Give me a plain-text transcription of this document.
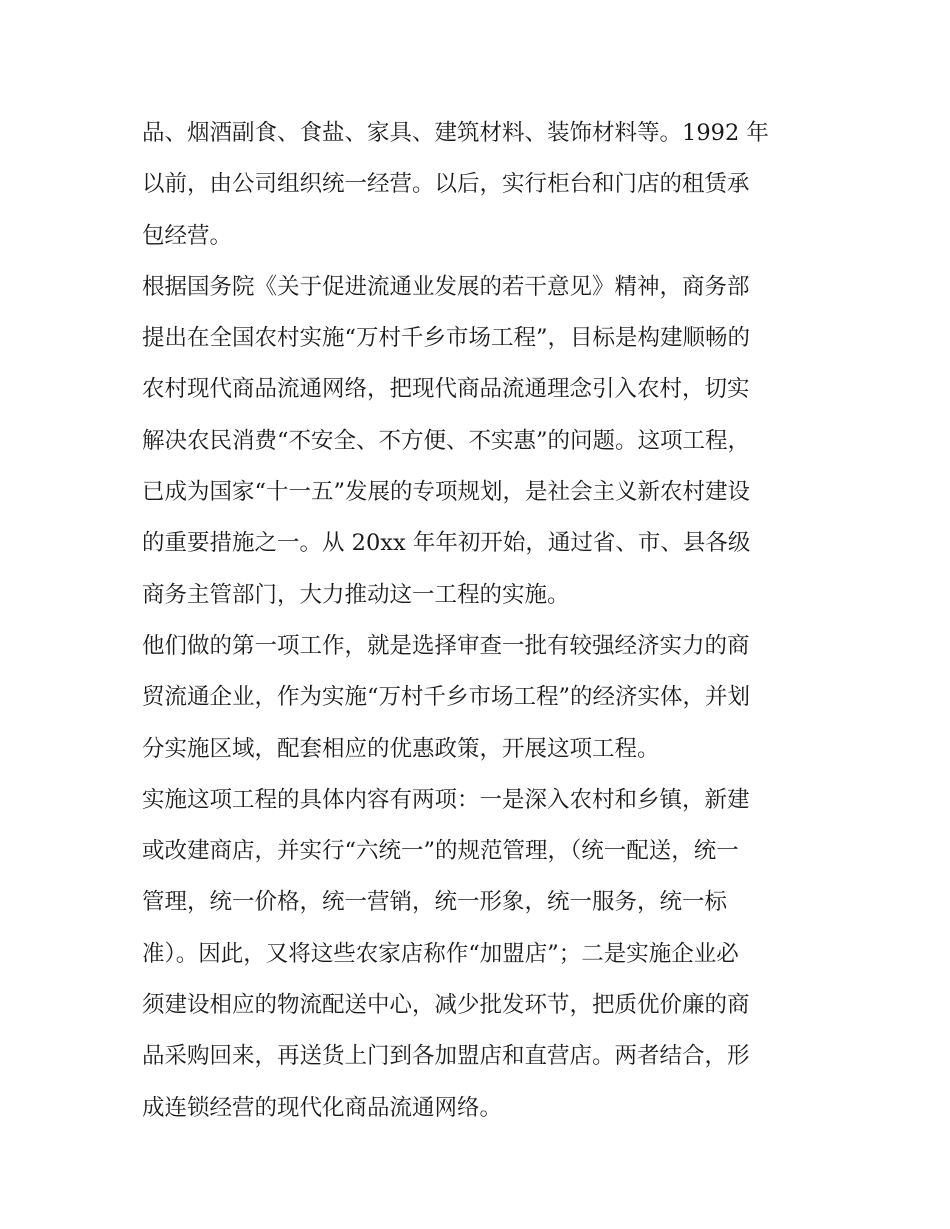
品、烟酒副食、食盐、家具、建筑材料、装饰材料等。1992 年
以前，由公司组织统一经营。以后，实行柜台和门店的租赁承
包经营。
根据国务院《关于促进流通业发展的若干意见》精神，商务部
提出在全国农村实施“万村千乡市场工程”，目标是构建顺畅的
农村现代商品流通网络，把现代商品流通理念引入农村，切实
解决农民消费“不安全、不方便、不实惠”的问题。这项工程，
已成为国家“十一五”发展的专项规划，是社会主义新农村建设
的重要措施之一。从 20xx 年年初开始，通过省、市、县各级
商务主管部门，大力推动这一工程的实施。
他们做的第一项工作，就是选择审查一批有较强经济实力的商
贸流通企业，作为实施“万村千乡市场工程”的经济实体，并划
分实施区域，配套相应的优惠政策，开展这项工程。
实施这项工程的具体内容有两项：一是深入农村和乡镇，新建
或改建商店，并实行“六统一”的规范管理，（统一配送，统一
管理，统一价格，统一营销，统一形象，统一服务，统一标
准）。因此，又将这些农家店称作“加盟店”；二是实施企业必
须建设相应的物流配送中心，减少批发环节，把质优价廉的商
品采购回来，再送货上门到各加盟店和直营店。两者结合，形
成连锁经营的现代化商品流通网络。
